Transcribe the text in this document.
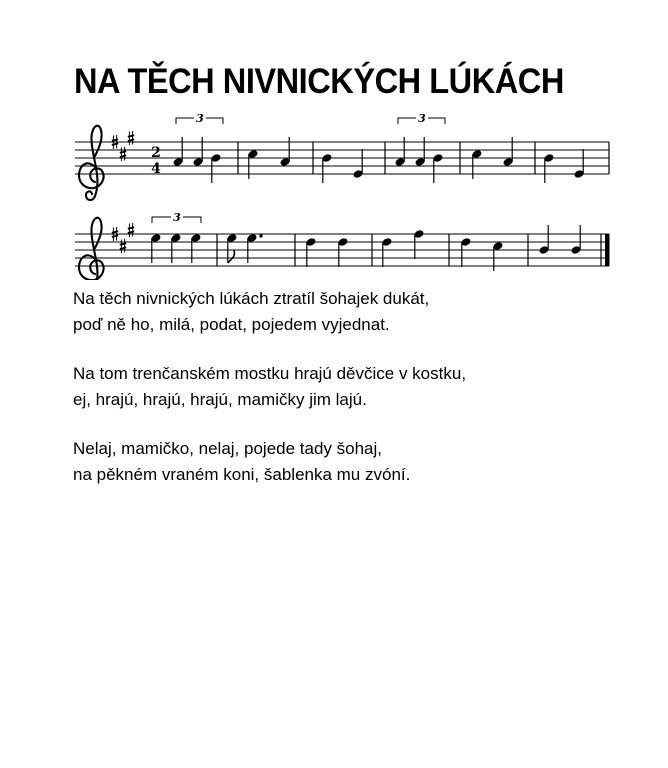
NA TĚCH NIVNICKÝCH LÚKÁCH
2
4
3	3
3

Na těch nivnických lúkách ztratíl šohajek dukát,
poď ně ho, milá, podat, pojedem vyjednat.

Na tom trenčanském mostku hrajú děvčice v kostku,
ej, hrajú, hrajú, hrajú, mamičky jim lajú.

Nelaj, mamičko, nelaj, pojede tady šohaj,
na pěkném vraném koni, šablenka mu zvóní.
